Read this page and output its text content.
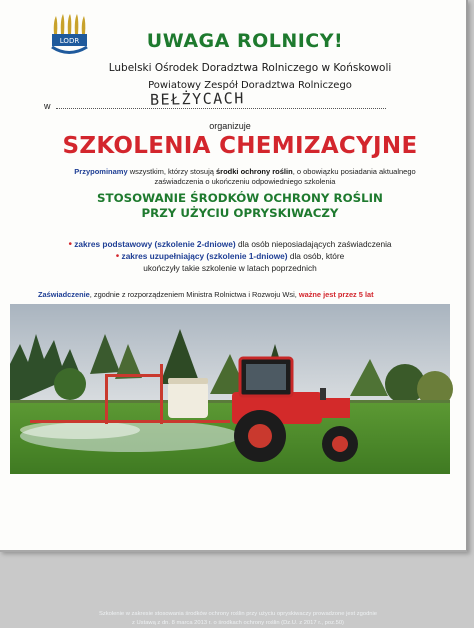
LODR	UWAGA ROLNICY!
Lubelski Ośrodek Doradztwa Rolniczego w Końskowoli
Powiatowy Zespół Doradztwa Rolniczego
w	BEŁŻYCACH
organizuje
SZKOLENIA CHEMIZACYJNE
Przypominamy wszystkim, którzy stosują środki ochrony roślin, o obowiązku posiadania aktualnego zaświadczenia o ukończeniu odpowiedniego szkolenia
STOSOWANIE ŚRODKÓW OCHRONY ROŚLIN
PRZY UŻYCIU OPRYSKIWACZY
• zakres podstawowy (szkolenie 2-dniowe) dla osób nieposiadających zaświadczenia
• zakres uzupełniający (szkolenie 1-dniowe) dla osób, które
ukończyły takie szkolenie w latach poprzednich
Zaświadczenie, zgodnie z rozporządzeniem Ministra Rolnictwa i Rozwoju Wsi, ważne jest przez 5 lat
Szkolenie w zakresie stosowania środków ochrony roślin przy użyciu opryskiwaczy prowadzone jest zgodnie
z Ustawą z dn. 8 marca 2013 r. o środkach ochrony roślin (Dz.U. z 2017 r., poz.50)
